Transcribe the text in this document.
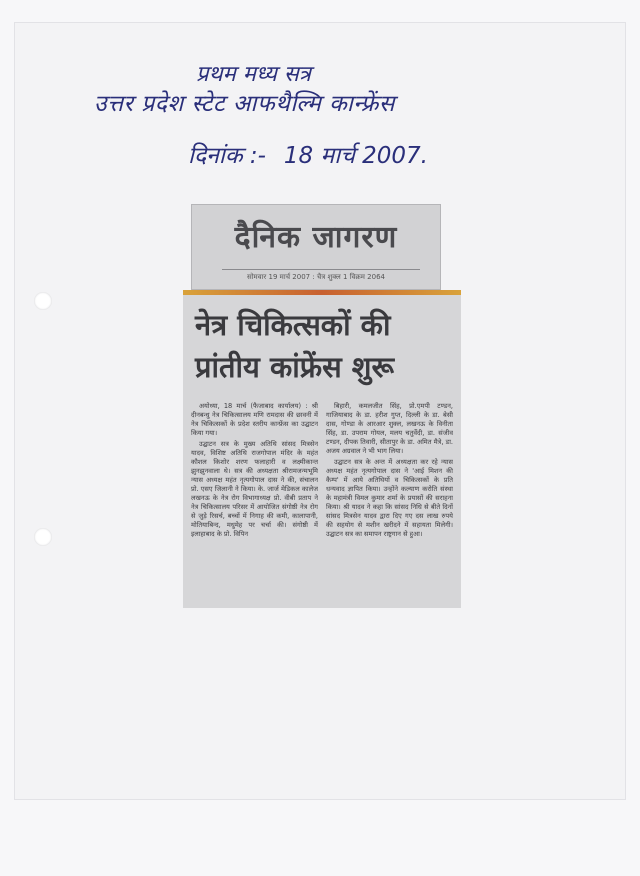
प्रथम मध्य सत्र
उत्तर प्रदेश स्टेट आफथैल्मि कान्फ्रेंस
दिनांक :- 18 मार्च 2007.
दैनिक जागरण
सोमवार 19 मार्च 2007 : चैत्र शुक्ल 1 विक्रम 2064
नेत्र चिकित्सकों की
प्रांतीय कांफ्रेंस शुरू

अयोध्या, 18 मार्च (फैजाबाद कार्यालय) : श्री दीनबन्धु नेत्र चिकित्सालय मणि रामदास की छावनी में नेत्र चिकित्सकों के प्रदेश स्तरीय कान्फ्रेंस का उद्घाटन किया गया।

उद्घाटन सत्र के मुख्य अतिथि सांसद मित्रसेन यादव, विशिष्ट अतिथि राजगोपाल मंदिर के महंत कौशल किशोर शरण फलाहारी व लक्ष्मीकान्त झुनझुनवाला थे। सत्र की अध्यक्षता श्रीरामजन्मभूमि न्यास अध्यक्ष महंत नृत्यगोपाल दास ने की, संचालन प्रो. एसए जिलानी ने किया। के. जार्ज मेडिकल कालेज लखनऊ के नेत्र रोग विभागाध्यक्ष प्रो. वीबी प्रताप ने नेत्र चिकित्सालय परिसर में आयोजित संगोष्ठी नेत्र रोग से जुड़े रिसर्च, बच्चों में निगाह की कमी, कालापानी, मोतियाबिन्द, मधुमेह पर चर्चा की। संगोष्ठी में इलाहाबाद के प्रो. विपिन

बिहारी, कमलजीत सिंह, प्रो.एमपी टण्डन, गाजियाबाद के डा. हरीश गुप्त, दिल्ली के डा. बेसी दास, गोण्डा के आरआर शुक्ल, लखनऊ के विनीता सिंह, डा. उपराम गोयल, मलय चतुर्वेदी, डा. संजीव टण्डन, दीपक तिवारी, सीतापुर के डा. अमित मैत्रे, डा. अजय अग्रवाल ने भी भाग लिया।

उद्घाटन सत्र के अन्त में अध्यक्षता कर रहे न्यास अध्यक्ष महंत नृत्यगोपाल दास ने 'आई मिशन की कैम्प' में आये अतिथियों व चिकित्सकों के प्रति धन्यवाद ज्ञापित किया। उन्होंने कल्याण करोति संस्था के महामंत्री विमल कुमार शर्मा के प्रयासों की सराहना किया। श्री यादव ने कहा कि सांसद निधि से बीते दिनों सांसद मित्रसेन यादव द्वारा दिए गए दस लाख रुपये की सहयोग से मशीन खरीदने में सहायता मिलेगी। उद्घाटन सत्र का समापन राष्ट्रगान से हुआ।
